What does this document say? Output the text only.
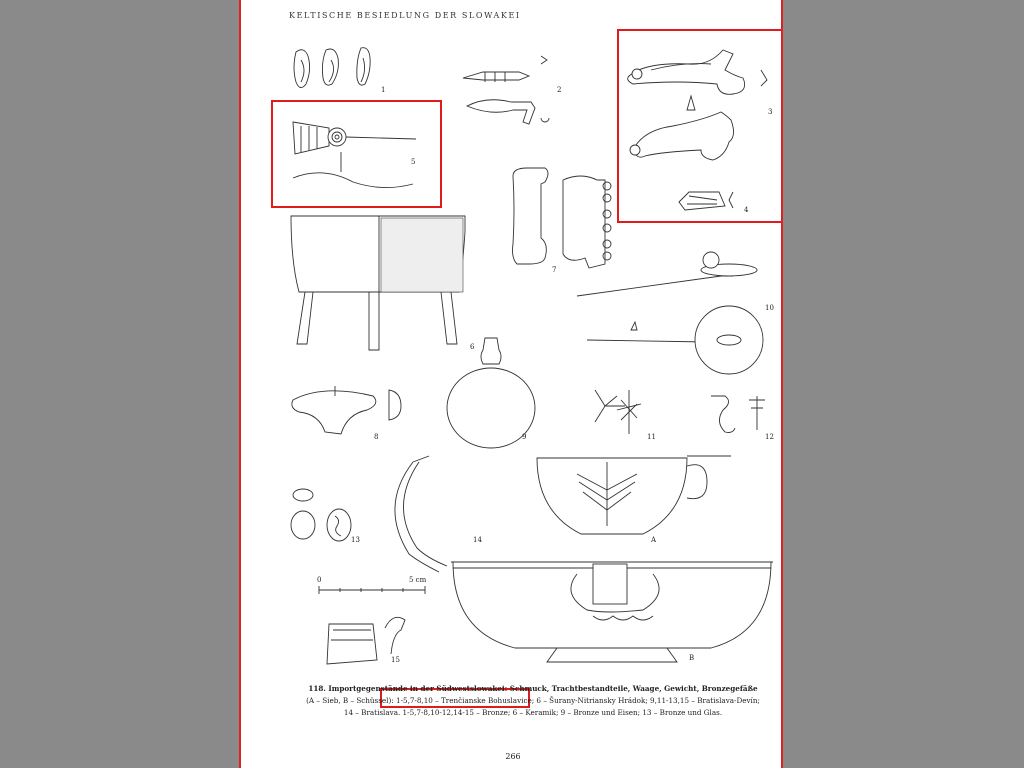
KELTISCHE BESIEDLUNG DER SLOWAKEI
1	2
3
4
5
6
7
8	9
10
11	12
13	14
15
A
B
0	5 cm
118. Importgegenstände in der Südwestslowakei: Schmuck, Trachtbestandteile, Waage, Gewicht, Bronzegefäße
(A – Sieb, B – Schüssel): 1-5,7-8,10 – Trenčianske Bohuslavice; 6 – Šurany-Nitriansky Hrádok; 9,11-13,15 – Bratislava-Devín;
14 – Bratislava. 1-5,7-8,10-12,14-15 – Bronze; 6 – Keramik; 9 – Bronze und Eisen; 13 – Bronze und Glas.
266
